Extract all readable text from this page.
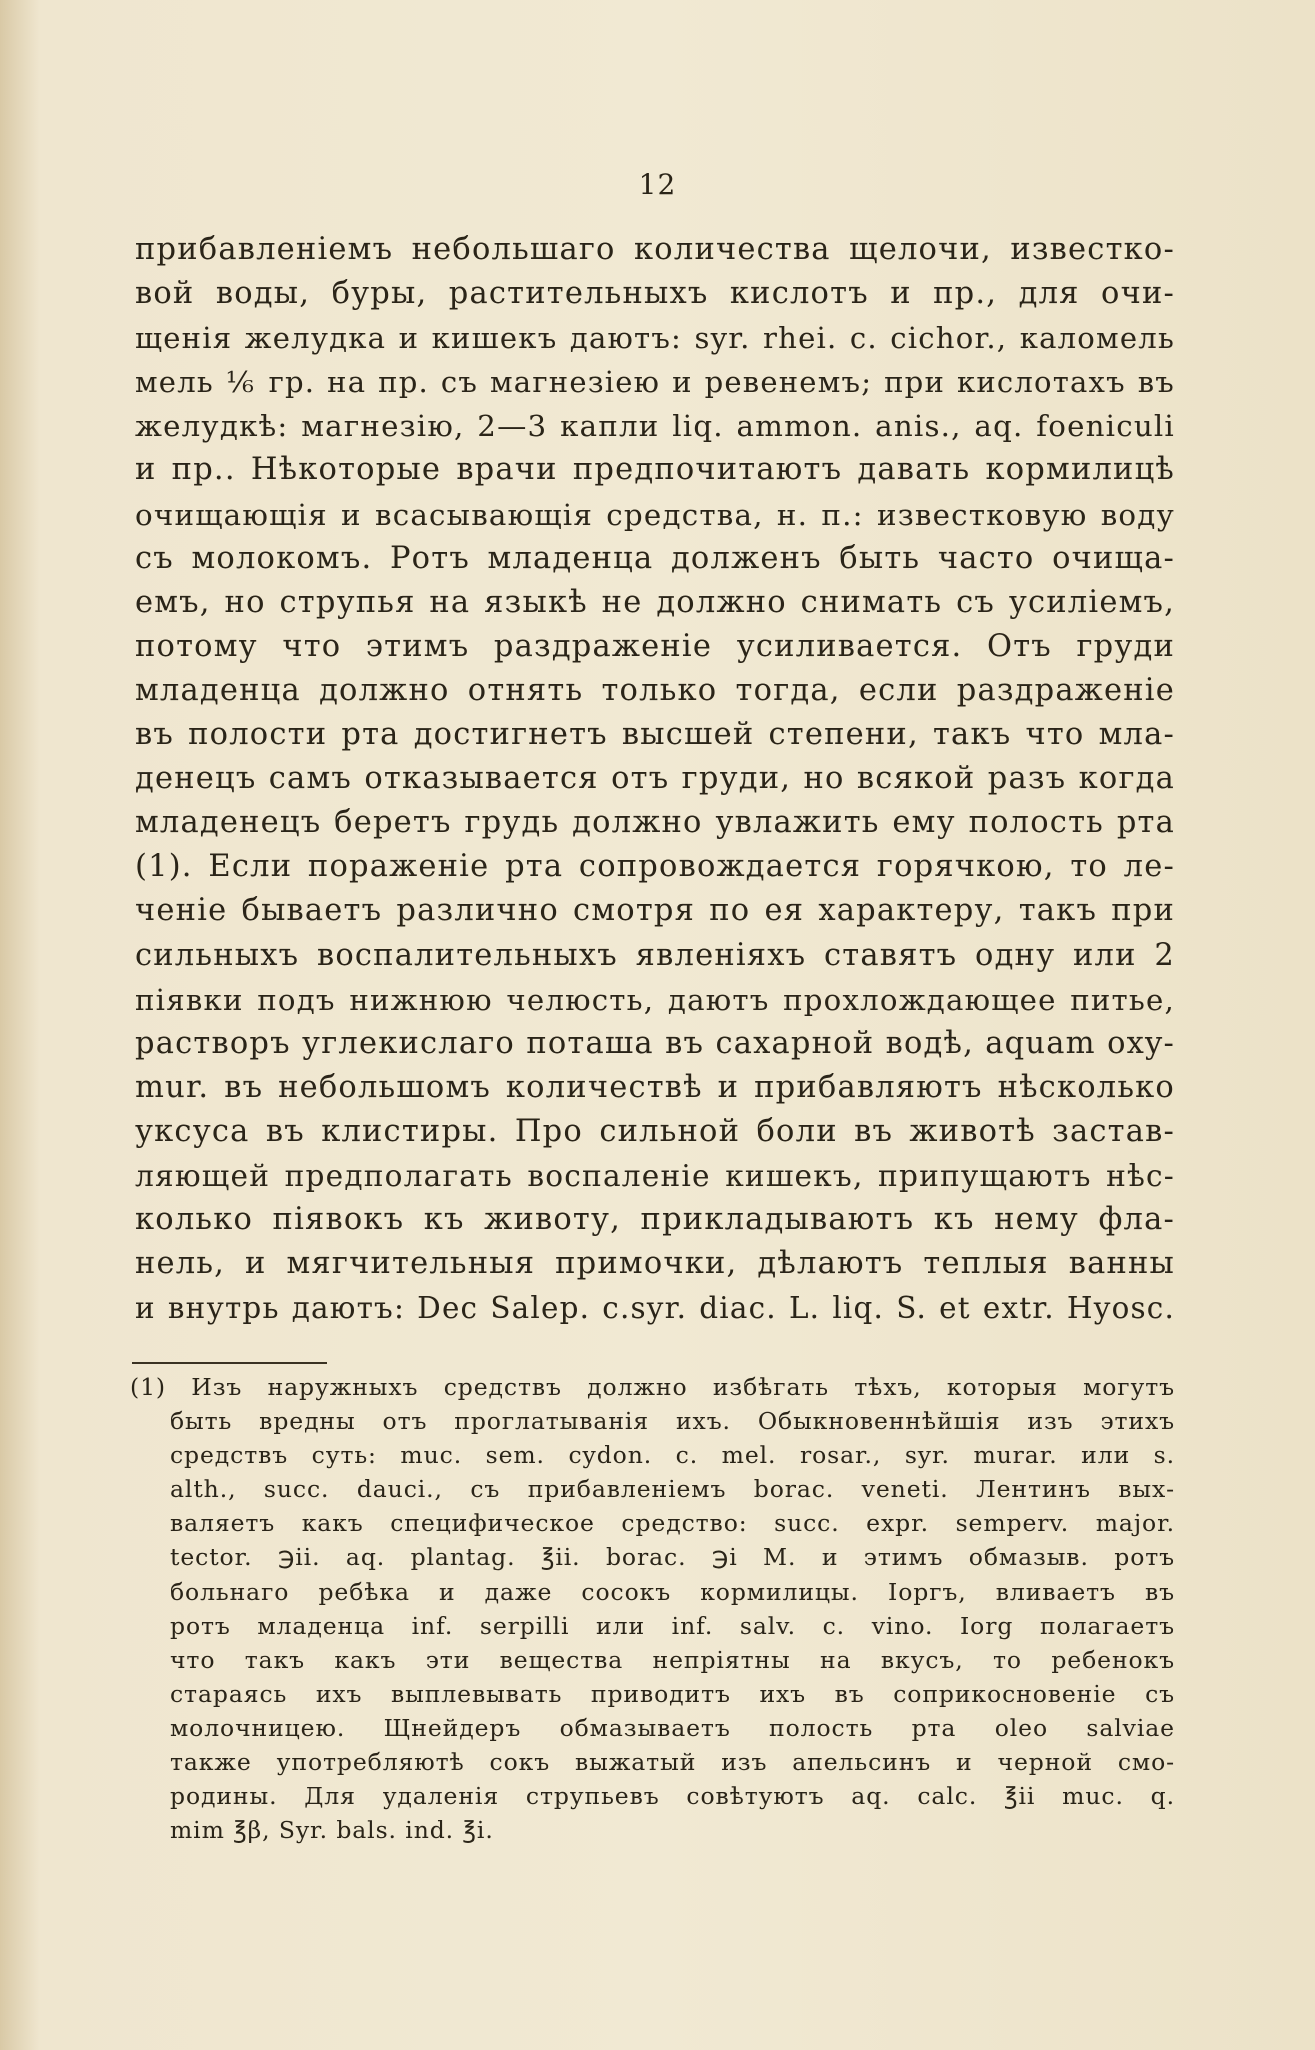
12
прибавленіемъ небольшаго количества щелочи, известко-
вой воды, буры, растительныхъ кислотъ и пр., для очи-
щенія желудка и кишекъ даютъ: syr. rhei. c. cichor., каломель
мель ⅙ гр. на пр. съ магнезіею и ревенемъ; при кислотахъ въ
желудкѣ: магнезію, 2—3 капли liq. ammon. anis., aq. foeniculi
и пр.. Нѣкоторые врачи предпочитаютъ давать кормилицѣ
очищающія и всасывающія средства, н. п.: известковую воду
съ молокомъ. Ротъ младенца долженъ быть часто очища-
емъ, но струпья на языкѣ не должно снимать съ усиліемъ,
потому что этимъ раздраженіе усиливается. Отъ груди
младенца должно отнять только тогда, если раздраженіе
въ полости рта достигнетъ высшей степени, такъ что мла-
денецъ самъ отказывается отъ груди, но всякой разъ когда
младенецъ беретъ грудь должно увлажить ему полость рта
(1). Если пораженіе рта сопровождается горячкою, то ле-
ченіе бываетъ различно смотря по ея характеру, такъ при
сильныхъ воспалительныхъ явленіяхъ ставятъ одну или 2
піявки подъ нижнюю челюсть, даютъ прохлождающее питье,
растворъ углекислаго поташа въ сахарной водѣ, aquam oxy-
mur. въ небольшомъ количествѣ и прибавляютъ нѣсколько
уксуса въ клистиры. Про сильной боли въ животѣ застав-
ляющей предполагать воспаленіе кишекъ, припущаютъ нѣс-
колько піявокъ къ животу, прикладываютъ къ нему фла-
нель, и мягчительныя примочки, дѣлаютъ теплыя ванны
и внутрь даютъ: Dec Salep. c.syr. diac. L. liq. S. et extr. Hyosc.
(1) Изъ наружныхъ средствъ должно избѣгать тѣхъ, которыя могутъ
быть вредны отъ проглатыванія ихъ. Обыкновеннѣйшія изъ этихъ
средствъ суть: muc. sem. cydon. c. mel. rosar., syr. murar. или s.
alth., succ. dauci., съ прибавленіемъ borac. veneti. Лентинъ вых-
валяетъ какъ специфическое средство: succ. expr. semperv. major.
tector. ℈ii. aq. plantag. ℥ii. borac. ℈i M. и этимъ обмазыв. ротъ
больнаго ребѣка и даже сосокъ кормилицы. Іоргъ, вливаетъ въ
ротъ младенца inf. serpilli или inf. salv. c. vino. Iorg полагаетъ
что такъ какъ эти вещества непріятны на вкусъ, то ребенокъ
стараясь ихъ выплевывать приводитъ ихъ въ соприкосновеніе съ
молочницею. Щнейдеръ обмазываетъ полость рта oleo salviae
также употребляютѣ сокъ выжатый изъ апельсинъ и черной смо-
родины. Для удаленія струпьевъ совѣтуютъ aq. calc. ℥ii muc. q.
mim ℥β, Syr. bals. ind. ℥i.
